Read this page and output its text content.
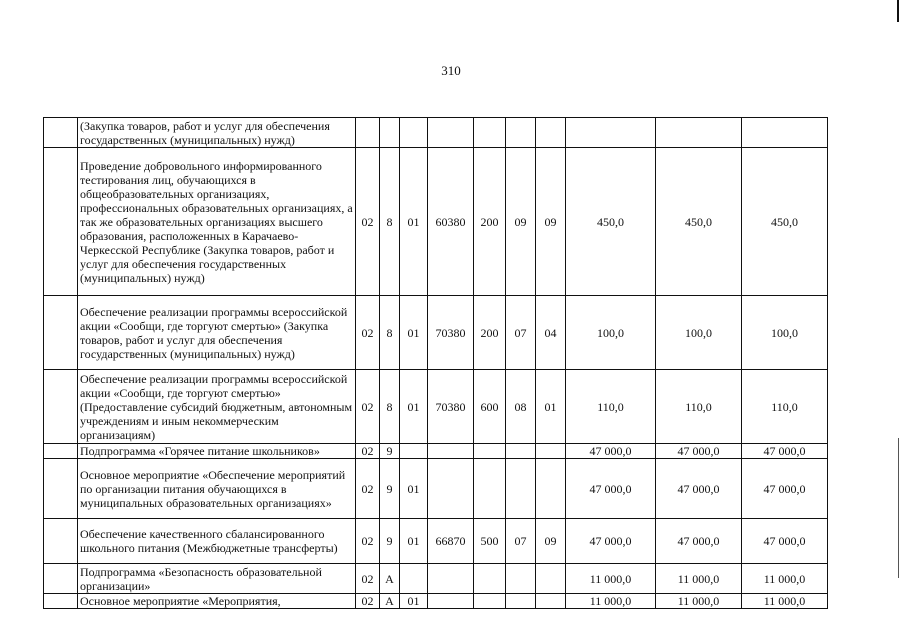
310
	(Закупка товаров, работ и услуг для обеспечения государственных (муниципальных) нужд)										
	Проведение добровольного информированного тестирования лиц, обучающихся в общеобразовательных организациях, профессиональных образовательных организациях, а так же образовательных организациях высшего образования, расположенных в Карачаево-Черкесской Республике (Закупка товаров, работ и услуг для обеспечения государственных (муниципальных) нужд)	02	8	01	60380	200	09	09	450,0	450,0	450,0
	Обеспечение реализации программы всероссийской акции «Сообщи, где торгуют смертью» (Закупка товаров, работ и услуг для обеспечения государственных (муниципальных) нужд)	02	8	01	70380	200	07	04	100,0	100,0	100,0
	Обеспечение реализации программы всероссийской акции «Сообщи, где торгуют смертью» (Предоставление субсидий бюджетным, автономным учреждениям и иным некоммерческим организациям)	02	8	01	70380	600	08	01	110,0	110,0	110,0
	Подпрограмма «Горячее питание школьников»	02	9						47 000,0	47 000,0	47 000,0
	Основное мероприятие «Обеспечение мероприятий по организации питания обучающихся в муниципальных образовательных организациях»	02	9	01					47 000,0	47 000,0	47 000,0
	Обеспечение качественного сбалансированного школьного питания (Межбюджетные трансферты)	02	9	01	66870	500	07	09	47 000,0	47 000,0	47 000,0
	Подпрограмма «Безопасность образовательной организации»	02	А						11 000,0	11 000,0	11 000,0
	Основное мероприятие «Мероприятия,	02	А	01					11 000,0	11 000,0	11 000,0
